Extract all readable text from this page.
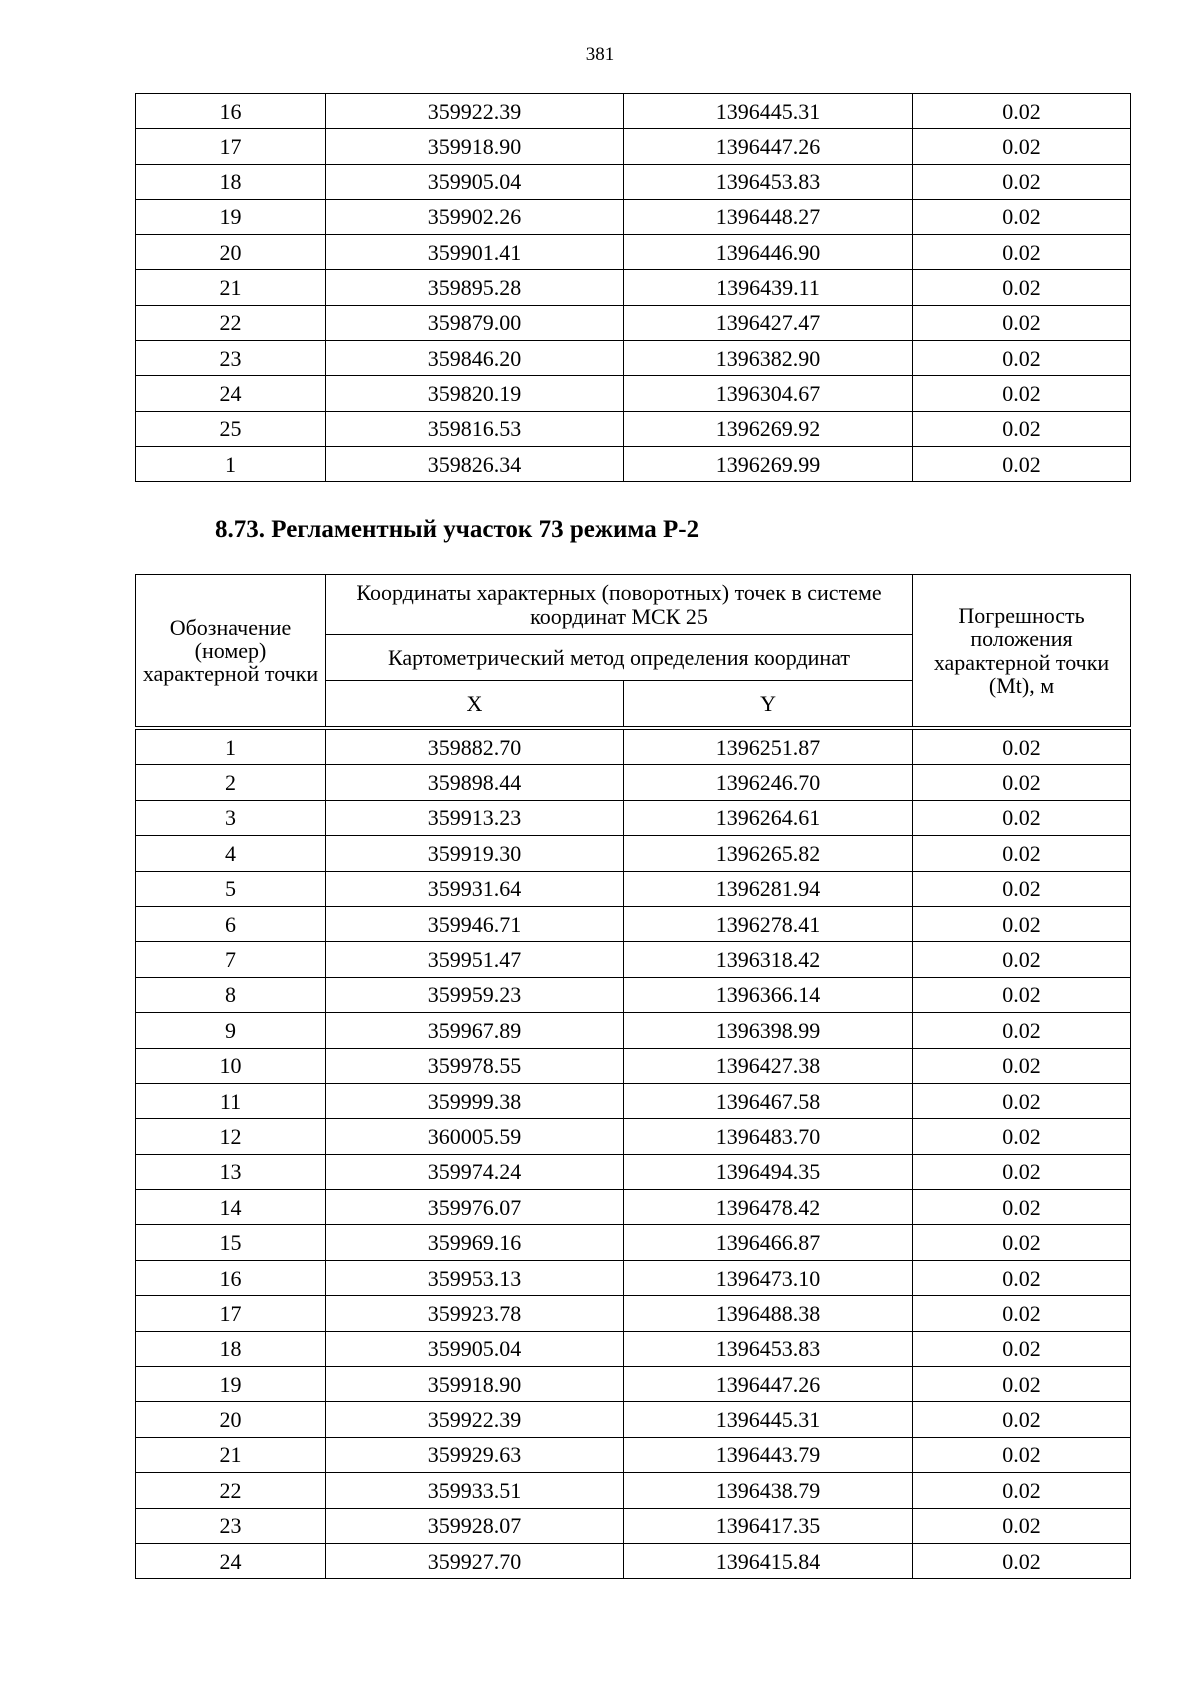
381
16	359922.39	1396445.31	0.02
17	359918.90	1396447.26	0.02
18	359905.04	1396453.83	0.02
19	359902.26	1396448.27	0.02
20	359901.41	1396446.90	0.02
21	359895.28	1396439.11	0.02
22	359879.00	1396427.47	0.02
23	359846.20	1396382.90	0.02
24	359820.19	1396304.67	0.02
25	359816.53	1396269.92	0.02
1	359826.34	1396269.99	0.02
8.73. Регламентный участок 73 режима Р-2
Обозначение (номер) характерной точки	Координаты характерных (поворотных) точек в системе координат МСК 25		Погрешность положения характерной точки (Mt), м
	Картометрический метод определения координат		
	X	Y	
1	359882.70	1396251.87	0.02
2	359898.44	1396246.70	0.02
3	359913.23	1396264.61	0.02
4	359919.30	1396265.82	0.02
5	359931.64	1396281.94	0.02
6	359946.71	1396278.41	0.02
7	359951.47	1396318.42	0.02
8	359959.23	1396366.14	0.02
9	359967.89	1396398.99	0.02
10	359978.55	1396427.38	0.02
11	359999.38	1396467.58	0.02
12	360005.59	1396483.70	0.02
13	359974.24	1396494.35	0.02
14	359976.07	1396478.42	0.02
15	359969.16	1396466.87	0.02
16	359953.13	1396473.10	0.02
17	359923.78	1396488.38	0.02
18	359905.04	1396453.83	0.02
19	359918.90	1396447.26	0.02
20	359922.39	1396445.31	0.02
21	359929.63	1396443.79	0.02
22	359933.51	1396438.79	0.02
23	359928.07	1396417.35	0.02
24	359927.70	1396415.84	0.02
